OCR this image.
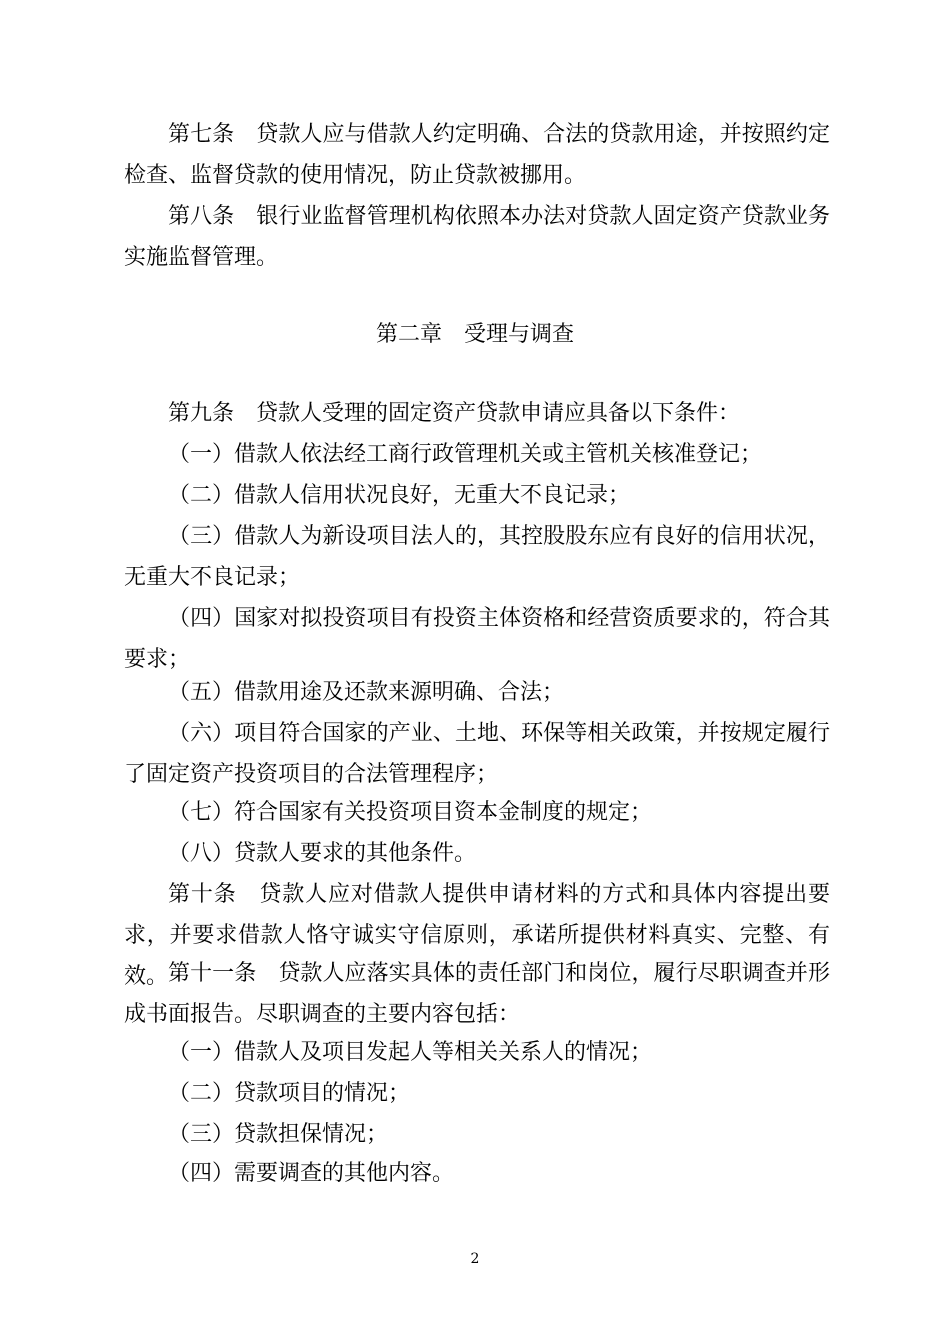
第七条　贷款人应与借款人约定明确、合法的贷款用途，并按照约定检查、监督贷款的使用情况，防止贷款被挪用。

第八条　银行业监督管理机构依照本办法对贷款人固定资产贷款业务实施监督管理。

第二章　受理与调查

第九条　贷款人受理的固定资产贷款申请应具备以下条件：

（一）借款人依法经工商行政管理机关或主管机关核准登记；

（二）借款人信用状况良好，无重大不良记录；

（三）借款人为新设项目法人的，其控股股东应有良好的信用状况，无重大不良记录；

（四）国家对拟投资项目有投资主体资格和经营资质要求的，符合其要求；

（五）借款用途及还款来源明确、合法；

（六）项目符合国家的产业、土地、环保等相关政策，并按规定履行了固定资产投资项目的合法管理程序；

（七）符合国家有关投资项目资本金制度的规定；

（八）贷款人要求的其他条件。

第十条　贷款人应对借款人提供申请材料的方式和具体内容提出要求，并要求借款人恪守诚实守信原则，承诺所提供材料真实、完整、有效。 第十一条　贷款人应落实具体的责任部门和岗位，履行尽职调查并形成书面报告。尽职调查的主要内容包括：

（一）借款人及项目发起人等相关关系人的情况；

（二）贷款项目的情况；

（三）贷款担保情况；

（四）需要调查的其他内容。

2
